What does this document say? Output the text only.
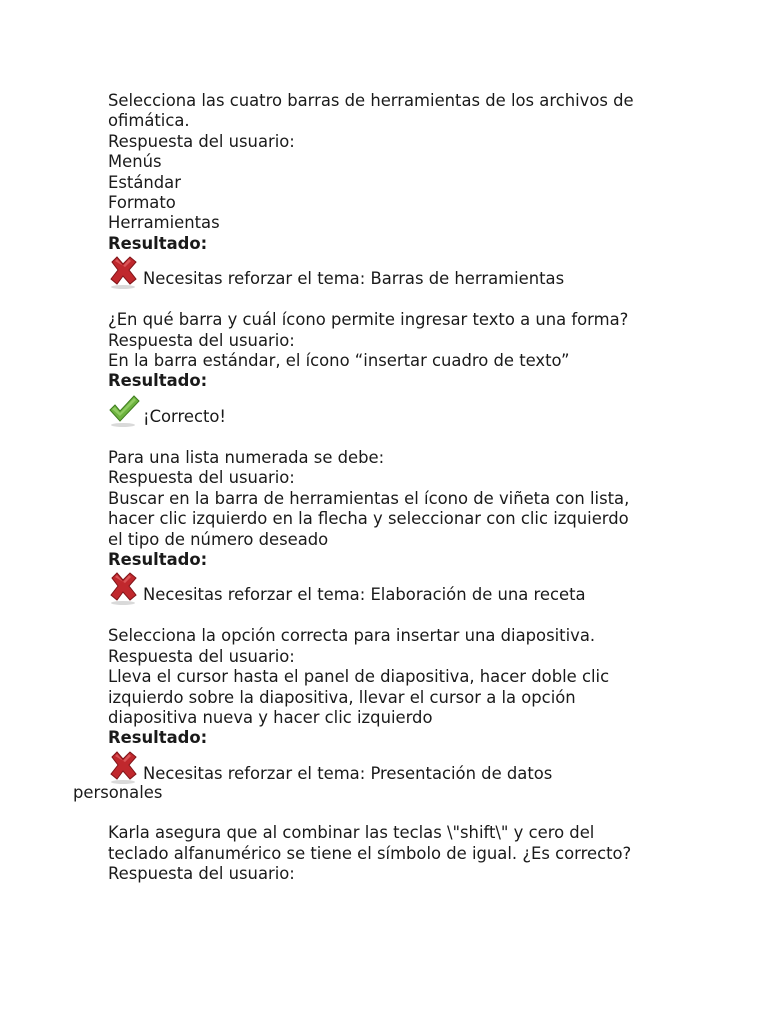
Selecciona las cuatro barras de herramientas de los archivos de
ofimática.
Respuesta del usuario:
Menús
Estándar
Formato
Herramientas
Resultado:
Necesitas reforzar el tema: Barras de herramientas
¿En qué barra y cuál ícono permite ingresar texto a una forma?
Respuesta del usuario:
En la barra estándar, el ícono “insertar cuadro de texto”
Resultado:
¡Correcto!
Para una lista numerada se debe:
Respuesta del usuario:
Buscar en la barra de herramientas el ícono de viñeta con lista,
hacer clic izquierdo en la flecha y seleccionar con clic izquierdo
el tipo de número deseado
Resultado:
Necesitas reforzar el tema: Elaboración de una receta
Selecciona la opción correcta para insertar una diapositiva.
Respuesta del usuario:
Lleva el cursor hasta el panel de diapositiva, hacer doble clic
izquierdo sobre la diapositiva, llevar el cursor a la opción
diapositiva nueva y hacer clic izquierdo
Resultado:
Necesitas reforzar el tema: Presentación de datos
personales
Karla asegura que al combinar las teclas \"shift\" y cero del
teclado alfanumérico se tiene el símbolo de igual. ¿Es correcto?
Respuesta del usuario:
